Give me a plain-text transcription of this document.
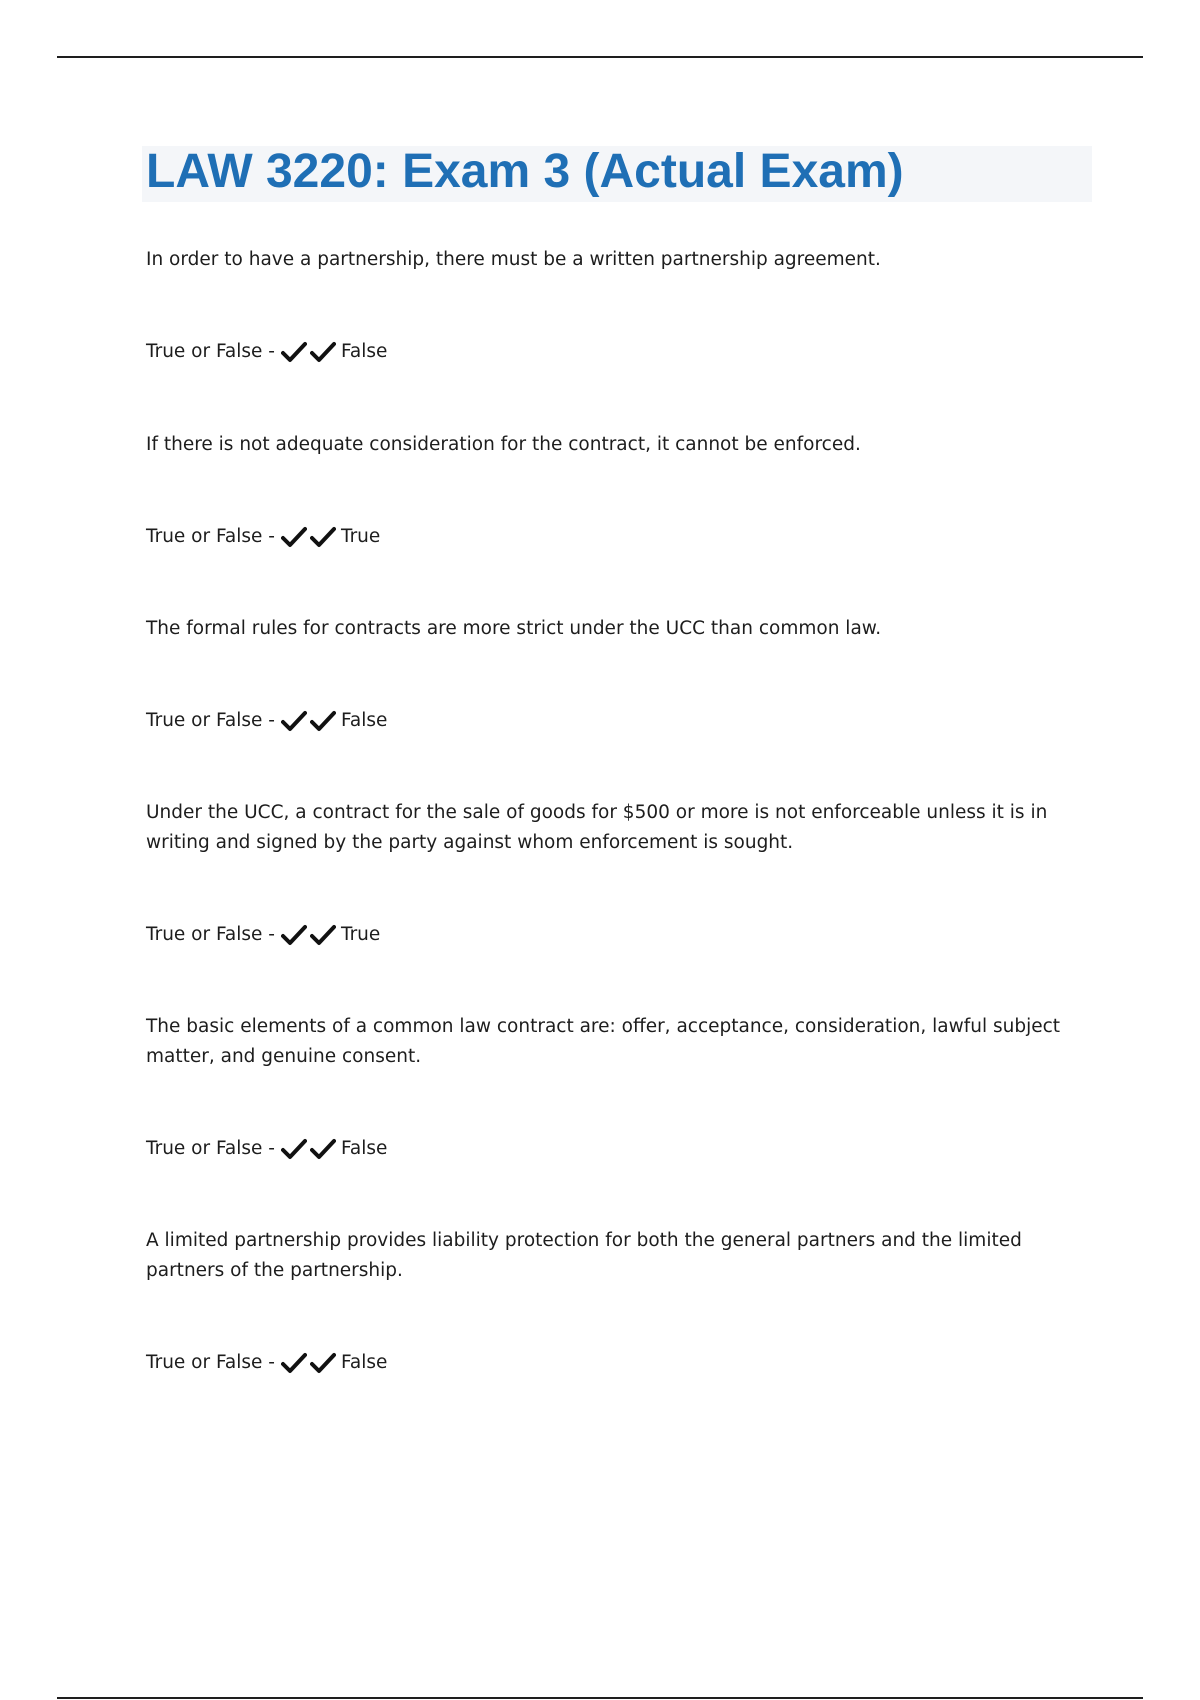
LAW 3220: Exam 3 (Actual Exam)
In order to have a partnership, there must be a written partnership agreement.
True or False -	False
If there is not adequate consideration for the contract, it cannot be enforced.
True or False -	True
The formal rules for contracts are more strict under the UCC than common law.
True or False -	False
Under the UCC, a contract for the sale of goods for $500 or more is not enforceable unless it is in writing and signed by the party against whom enforcement is sought.
True or False -	True
The basic elements of a common law contract are: offer, acceptance, consideration, lawful subject matter, and genuine consent.
True or False -	False
A limited partnership provides liability protection for both the general partners and the limited partners of the partnership.
True or False -	False
